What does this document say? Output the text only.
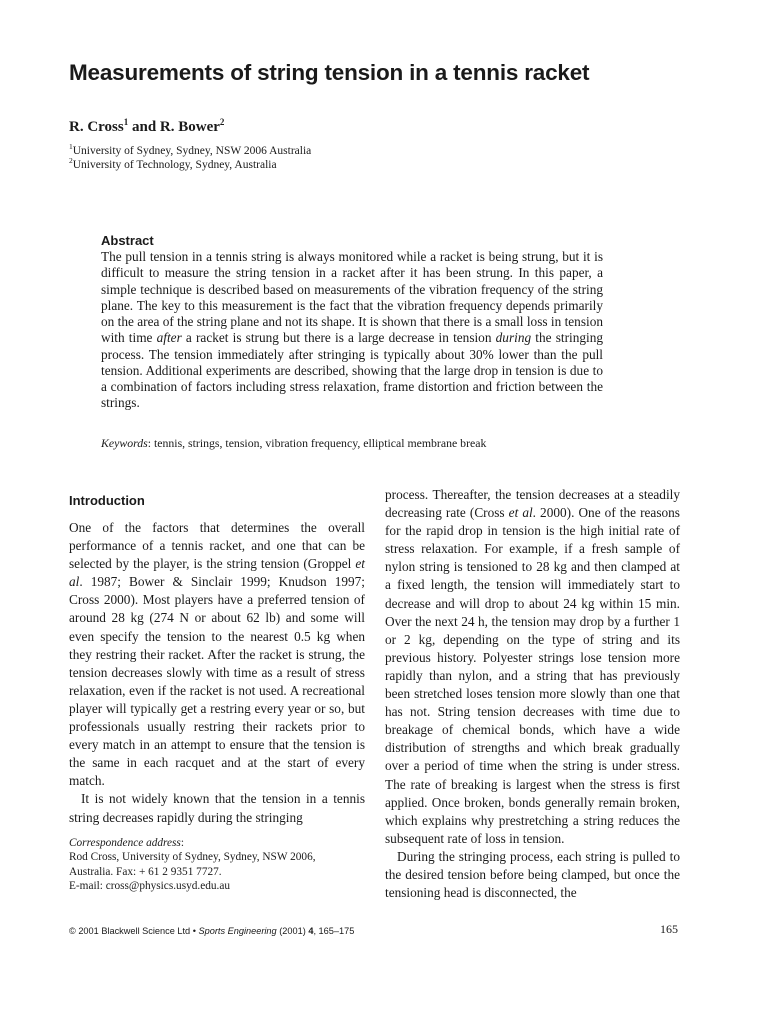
Measurements of string tension in a tennis racket
R. Cross$^1$ and R. Bower$^2$
$^1$University of Sydney, Sydney, NSW 2006 Australia
$^2$University of Technology, Sydney, Australia
Abstract

The pull tension in a tennis string is always monitored while a racket is being strung, but it is difficult to measure the string tension in a racket after it has been strung. In this paper, a simple technique is described based on measurements of the vibration frequency of the string plane. The key to this measurement is the fact that the vibration frequency depends primarily on the area of the string plane and not its shape. It is shown that there is a small loss in tension with time after a racket is strung but there is a large decrease in tension during the stringing process. The tension immediately after stringing is typically about 30% lower than the pull tension. Additional experiments are described, showing that the large drop in tension is due to a combination of factors including stress relaxation, frame distortion and friction between the strings.

Keywords: tennis, strings, tension, vibration frequency, elliptical membrane break
Introduction

One of the factors that determines the overall performance of a tennis racket, and one that can be selected by the player, is the string tension (Groppel et al. 1987; Bower & Sinclair 1999; Knudson 1997; Cross 2000). Most players have a preferred tension of around 28 kg (274 N or about 62 lb) and some will even specify the tension to the nearest 0.5 kg when they restring their racket. After the racket is strung, the tension decreases slowly with time as a result of stress relaxation, even if the racket is not used. A recreational player will typically get a restring every year or so, but professionals usually restring their rackets prior to every match in an attempt to ensure that the tension is the same in each racquet and at the start of every match.

It is not widely known that the tension in a tennis string decreases rapidly during the stringing

process. Thereafter, the tension decreases at a steadily decreasing rate (Cross et al. 2000). One of the reasons for the rapid drop in tension is the high initial rate of stress relaxation. For example, if a fresh sample of nylon string is tensioned to 28 kg and then clamped at a fixed length, the tension will immediately start to decrease and will drop to about 24 kg within 15 min. Over the next 24 h, the tension may drop by a further 1 or 2 kg, depending on the type of string and its previous history. Polyester strings lose tension more rapidly than nylon, and a string that has previously been stretched loses tension more slowly than one that has not. String tension decreases with time due to breakage of chemical bonds, which have a wide distribution of strengths and which break gradually over a period of time when the string is under stress. The rate of breaking is largest when the stress is first applied. Once broken, bonds generally remain broken, which explains why prestretching a string reduces the subsequent rate of loss in tension.

During the stringing process, each string is pulled to the desired tension before being clamped, but once the tensioning head is disconnected, the

Correspondence address:
Rod Cross, University of Sydney, Sydney, NSW 2006,
Australia. Fax: + 61 2 9351 7727.
E-mail: cross@physics.usyd.edu.au
© 2001 Blackwell Science Ltd • Sports Engineering (2001) 4, 165–175	165
